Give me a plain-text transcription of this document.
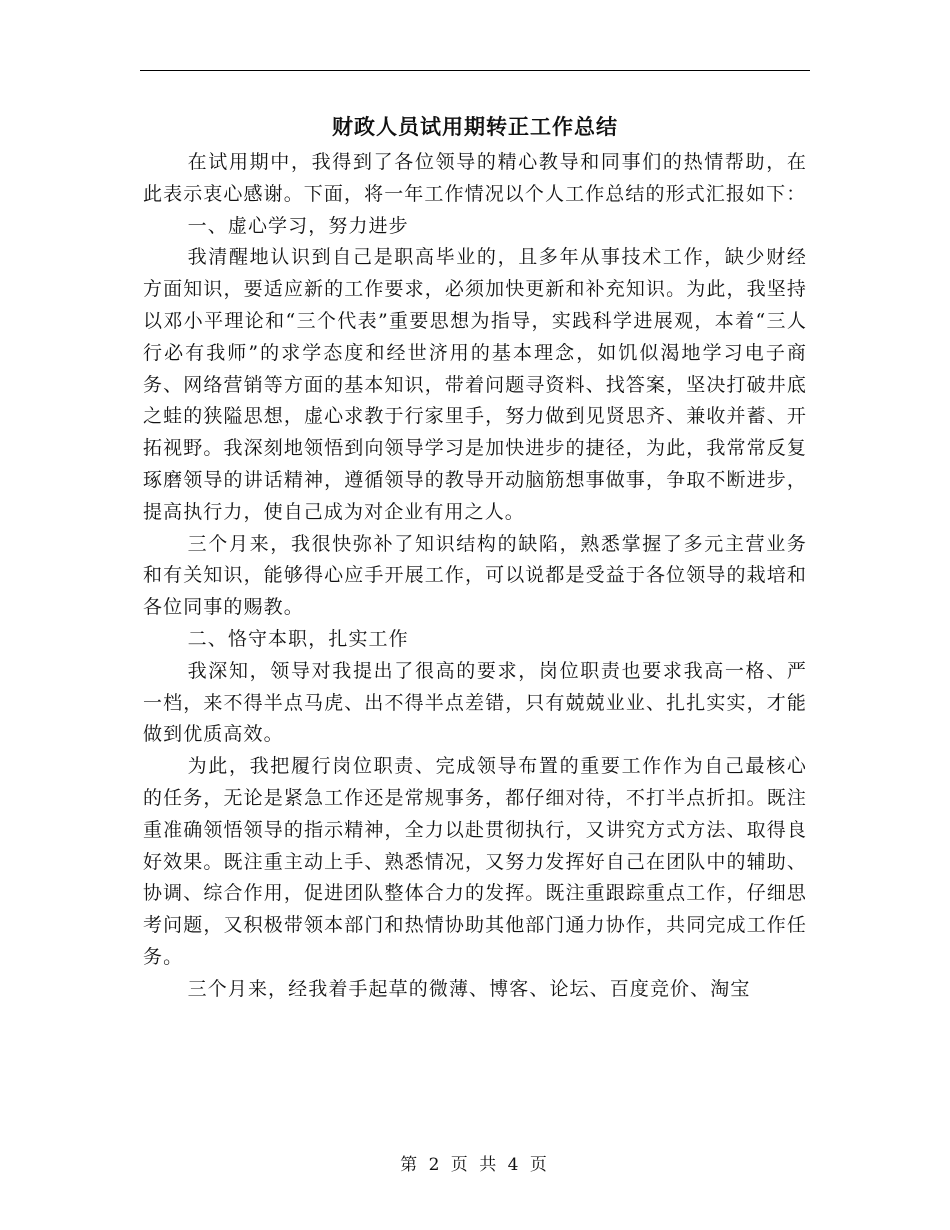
财政人员试用期转正工作总结

在试用期中，我得到了各位领导的精心教导和同事们的热情帮助，在此表示衷心感谢。下面，将一年工作情况以个人工作总结的形式汇报如下：

一、虚心学习，努力进步

我清醒地认识到自己是职高毕业的，且多年从事技术工作，缺少财经方面知识，要适应新的工作要求，必须加快更新和补充知识。为此，我坚持以邓小平理论和“三个代表”重要思想为指导，实践科学进展观，本着“三人行必有我师”的求学态度和经世济用的基本理念，如饥似渴地学习电子商务、网络营销等方面的基本知识，带着问题寻资料、找答案，坚决打破井底之蛙的狭隘思想，虚心求教于行家里手，努力做到见贤思齐、兼收并蓄、开拓视野。我深刻地领悟到向领导学习是加快进步的捷径，为此，我常常反复琢磨领导的讲话精神，遵循领导的教导开动脑筋想事做事，争取不断进步，提高执行力，使自己成为对企业有用之人。

三个月来，我很快弥补了知识结构的缺陷，熟悉掌握了多元主营业务和有关知识，能够得心应手开展工作，可以说都是受益于各位领导的栽培和各位同事的赐教。

二、恪守本职，扎实工作

我深知，领导对我提出了很高的要求，岗位职责也要求我高一格、严一档，来不得半点马虎、出不得半点差错，只有兢兢业业、扎扎实实，才能做到优质高效。

为此，我把履行岗位职责、完成领导布置的重要工作作为自己最核心的任务，无论是紧急工作还是常规事务，都仔细对待，不打半点折扣。既注重准确领悟领导的指示精神，全力以赴贯彻执行，又讲究方式方法、取得良好效果。既注重主动上手、熟悉情况，又努力发挥好自己在团队中的辅助、协调、综合作用，促进团队整体合力的发挥。既注重跟踪重点工作，仔细思考问题，又积极带领本部门和热情协助其他部门通力协作，共同完成工作任务。

三个月来，经我着手起草的微薄、博客、论坛、百度竞价、淘宝

第 2 页 共 4 页
